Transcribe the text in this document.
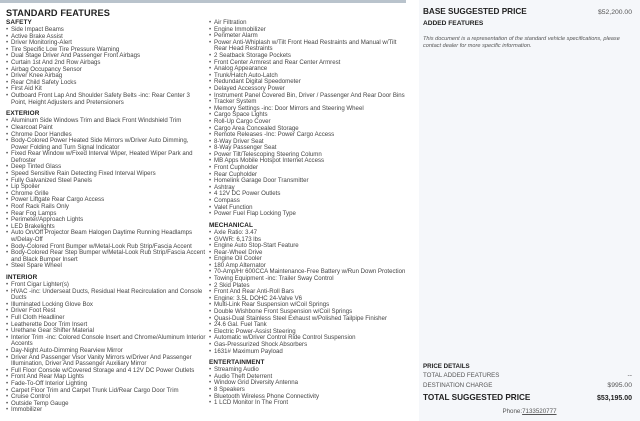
STANDARD FEATURES
SAFETY
• Side Impact Beams
• Active Brake Assist
• Driver Monitoring-Alert
• Tire Specific Low Tire Pressure Warning
• Dual Stage Driver And Passenger Front Airbags
• Curtain 1st And 2nd Row Airbags
• Airbag Occupancy Sensor
• Driver Knee Airbag
• Rear Child Safety Locks
• First Aid Kit
• Outboard Front Lap And Shoulder Safety Belts -inc: Rear Center 3 Point, Height Adjusters and Pretensioners
EXTERIOR
• Aluminum Side Windows Trim and Black Front Windshield Trim
• Clearcoat Paint
• Chrome Door Handles
• Body-Colored Power Heated Side Mirrors w/Driver Auto Dimming, Power Folding and Turn Signal Indicator
• Fixed Rear Window w/Fixed Interval Wiper, Heated Wiper Park and Defroster
• Deep Tinted Glass
• Speed Sensitive Rain Detecting Fixed Interval Wipers
• Fully Galvanized Steel Panels
• Lip Spoiler
• Chrome Grille
• Power Liftgate Rear Cargo Access
• Roof Rack Rails Only
• Rear Fog Lamps
• Perimeter/Approach Lights
• LED Brakelights
• Auto On/Off Projector Beam Halogen Daytime Running Headlamps w/Delay-Off
• Body-Colored Front Bumper w/Metal-Look Rub Strip/Fascia Accent
• Body-Colored Rear Step Bumper w/Metal-Look Rub Strip/Fascia Accent and Black Bumper Insert
• Steel Spare Wheel
INTERIOR
• Front Cigar Lighter(s)
• HVAC -inc: Underseat Ducts, Residual Heat Recirculation and Console Ducts
• Illuminated Locking Glove Box
• Driver Foot Rest
• Full Cloth Headliner
• Leatherette Door Trim Insert
• Urethane Gear Shifter Material
• Interior Trim -inc: Colored Console Insert and Chrome/Aluminum Interior Accents
• Day-Night Auto-Dimming Rearview Mirror
• Driver And Passenger Visor Vanity Mirrors w/Driver And Passenger Illumination, Driver And Passenger Auxiliary Mirror
• Full Floor Console w/Covered Storage and 4 12V DC Power Outlets
• Front And Rear Map Lights
• Fade-To-Off Interior Lighting
• Carpet Floor Trim and Carpet Trunk Lid/Rear Cargo Door Trim
• Cruise Control
• Outside Temp Gauge
• Immobilizer
• Air Filtration
• Engine Immobilizer
• Perimeter Alarm
• Power Anti-Whiplash w/Tilt Front Head Restraints and Manual w/Tilt Rear Head Restraints
• 2 Seatback Storage Pockets
• Front Center Armrest and Rear Center Armrest
• Analog Appearance
• Trunk/Hatch Auto-Latch
• Redundant Digital Speedometer
• Delayed Accessory Power
• Instrument Panel Covered Bin, Driver / Passenger And Rear Door Bins
• Tracker System
• Memory Settings -inc: Door Mirrors and Steering Wheel
• Cargo Space Lights
• Roll-Up Cargo Cover
• Cargo Area Concealed Storage
• Remote Releases -Inc: Power Cargo Access
• 8-Way Driver Seat
• 8-Way Passenger Seat
• Power Tilt/Telescoping Steering Column
• MB Apps Mobile Hotspot Internet Access
• Front Cupholder
• Rear Cupholder
• Homelink Garage Door Transmitter
• Ashtray
• 4 12V DC Power Outlets
• Compass
• Valet Function
• Power Fuel Flap Locking Type
MECHANICAL
• Axle Ratio: 3.47
• GVWR: 6,173 lbs
• Engine Auto Stop-Start Feature
• Rear-Wheel Drive
• Engine Oil Cooler
• 180 Amp Alternator
• 70-Amp/Hr 600CCA Maintenance-Free Battery w/Run Down Protection
• Towing Equipment -inc: Trailer Sway Control
• 2 Skid Plates
• Front And Rear Anti-Roll Bars
• Engine: 3.5L DOHC 24-Valve V6
• Multi-Link Rear Suspension w/Coil Springs
• Double Wishbone Front Suspension w/Coil Springs
• Quasi-Dual Stainless Steel Exhaust w/Polished Tailpipe Finisher
• 24.6 Gal. Fuel Tank
• Electric Power-Assist Steering
• Automatic w/Driver Control Ride Control Suspension
• Gas-Pressurized Shock Absorbers
• 1631# Maximum Payload
ENTERTAINMENT
• Streaming Audio
• Audio Theft Deterrent
• Window Grid Diversity Antenna
• 8 Speakers
• Bluetooth Wireless Phone Connectivity
• 1 LCD Monitor In The Front
BASE SUGGESTED PRICE	$52,200.00
ADDED FEATURES
This document is a representation of the standard vehicle specifications, please contact dealer for more specific information.
PRICE DETAILS
TOTAL ADDED FEATURES	--
DESTINATION CHARGE	$995.00
TOTAL SUGGESTED PRICE	$53,195.00
Phone:7133520777
